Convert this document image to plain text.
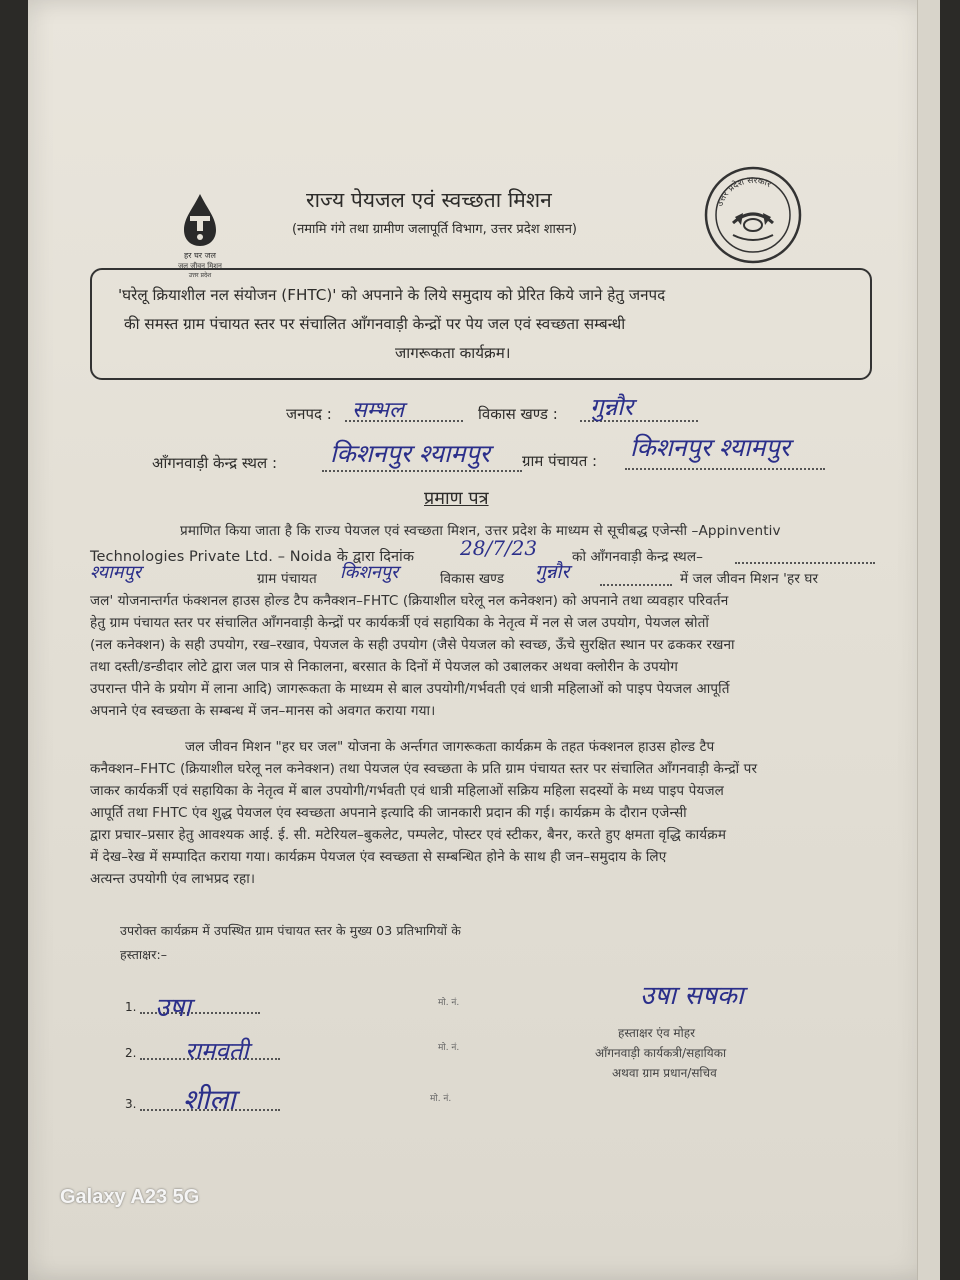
हर घर जल
जल जीवन मिशन
उत्तर प्रदेश
उत्तर प्रदेश सरकार
राज्य पेयजल एवं स्वच्छता मिशन
(नमामि गंगे तथा ग्रामीण जलापूर्ति विभाग, उत्तर प्रदेश शासन)
'घरेलू क्रियाशील नल संयोजन (FHTC)' को अपनाने के लिये समुदाय को प्रेरित किये जाने हेतु जनपद
की समस्त ग्राम पंचायत स्तर पर संचालित आँगनवाड़ी केन्द्रों पर पेय जल एवं स्वच्छता सम्बन्धी
जागरूकता कार्यक्रम।
जनपद : सम्भल	विकास खण्ड : गुन्नौर
आँगनवाड़ी केन्द्र स्थल : किशनपुर श्यामपुर ग्राम पंचायत : किशनपुर श्यामपुर
प्रमाण पत्र
प्रमाणित किया जाता है कि राज्य पेयजल एवं स्वच्छता मिशन, उत्तर प्रदेश के माध्यम से सूचीबद्ध एजेन्सी –Appinventiv
Technologies Private Ltd. – Noida के द्वारा दिनांक 28/7/23	को आँगनवाड़ी केन्द्र स्थल–
श्यामपुर	ग्राम पंचायत किशनपुर	विकास खण्ड गुन्नौर	में जल जीवन मिशन 'हर घर
जल' योजनान्तर्गत फंक्शनल हाउस होल्ड टैप कनैक्शन–FHTC (क्रियाशील घरेलू नल कनेक्शन) को अपनाने तथा व्यवहार परिवर्तन
हेतु ग्राम पंचायत स्तर पर संचालित आँगनवाड़ी केन्द्रों पर कार्यकर्त्री एवं सहायिका के नेतृत्व में नल से जल उपयोग, पेयजल स्रोतों
(नल कनेक्शन) के सही उपयोग, रख–रखाव, पेयजल के सही उपयोग (जैसे पेयजल को स्वच्छ, ऊँचे सुरक्षित स्थान पर ढककर रखना
तथा दस्ती/डन्डीदार लोटे द्वारा जल पात्र से निकालना, बरसात के दिनों में पेयजल को उबालकर अथवा क्लोरीन के उपयोग
उपरान्त पीने के प्रयोग में लाना आदि) जागरूकता के माध्यम से बाल उपयोगी/गर्भवती एवं धात्री महिलाओं को पाइप पेयजल आपूर्ति
अपनाने एंव स्वच्छता के सम्बन्ध में जन–मानस को अवगत कराया गया।
जल जीवन मिशन "हर घर जल" योजना के अर्न्तगत जागरूकता कार्यक्रम के तहत फंक्शनल हाउस होल्ड टैप
कनैक्शन–FHTC (क्रियाशील घरेलू नल कनेक्शन) तथा पेयजल एंव स्वच्छता के प्रति ग्राम पंचायत स्तर पर संचालित आँगनवाड़ी केन्द्रों पर
जाकर कार्यकर्त्री एवं सहायिका के नेतृत्व में बाल उपयोगी/गर्भवती एवं धात्री महिलाओं सक्रिय महिला सदस्यों के मध्य पाइप पेयजल
आपूर्ति तथा FHTC एंव शुद्ध पेयजल एंव स्वच्छता अपनाने इत्यादि की जानकारी प्रदान की गई। कार्यक्रम के दौरान एजेन्सी
द्वारा प्रचार–प्रसार हेतु आवश्यक आई. ई. सी. मटेरियल–बुकलेट, पम्पलेट, पोस्टर एवं स्टीकर, बैनर, करते हुए क्षमता वृद्धि कार्यक्रम
में देख–रेख में सम्पादित कराया गया। कार्यक्रम पेयजल एंव स्वच्छता से सम्बन्धित होने के साथ ही जन–समुदाय के लिए
अत्यन्त उपयोगी एंव लाभप्रद रहा।
उपरोक्त कार्यक्रम में उपस्थित ग्राम पंचायत स्तर के मुख्य 03 प्रतिभागियों के
हस्ताक्षर:–
1. उषा	मो. नं.
2. रामवती	मो. नं.
3. शीला	मो. नं.
उषा सषका
हस्ताक्षर एंव मोहर
आँगनवाड़ी कार्यकत्री/सहायिका
अथवा ग्राम प्रधान/सचिव
Galaxy A23 5G
